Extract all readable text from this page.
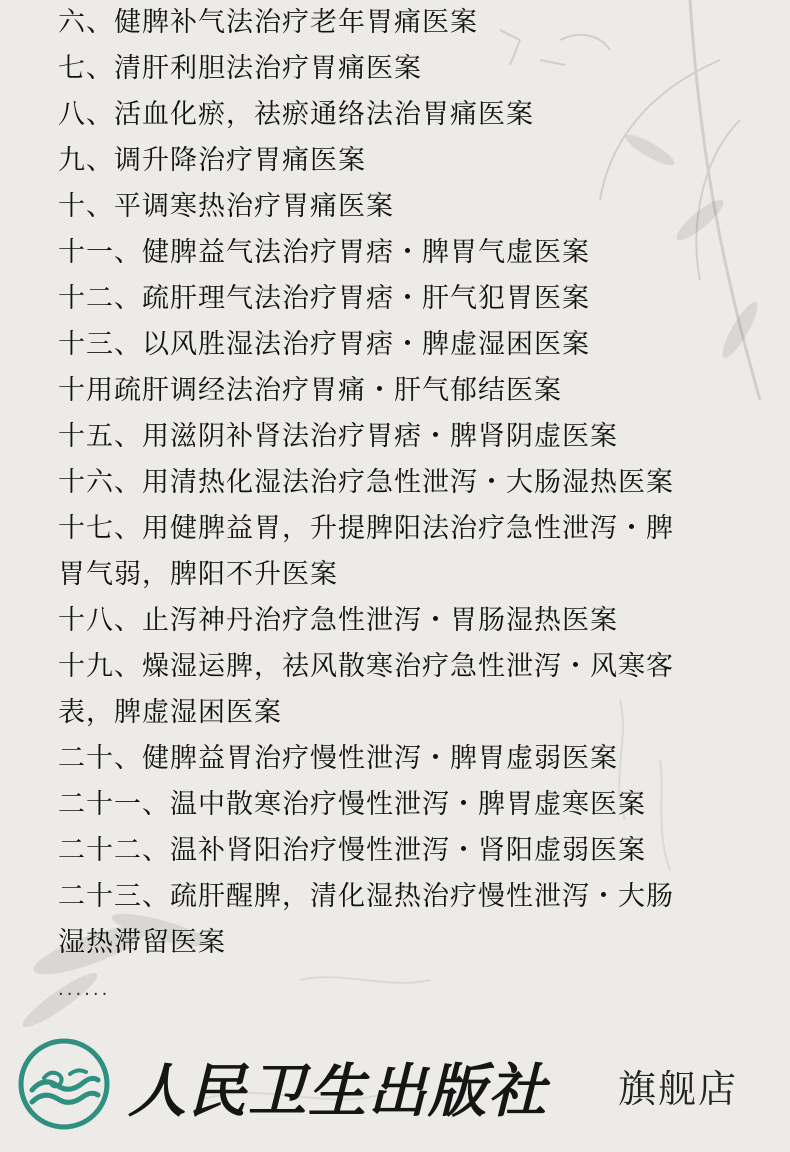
六、健脾补气法治疗老年胃痛医案
七、清肝利胆法治疗胃痛医案
八、活血化瘀，祛瘀通络法治胃痛医案
九、调升降治疗胃痛医案
十、平调寒热治疗胃痛医案
十一、健脾益气法治疗胃痞・脾胃气虚医案
十二、疏肝理气法治疗胃痞・肝气犯胃医案
十三、以风胜湿法治疗胃痞・脾虚湿困医案
十用疏肝调经法治疗胃痛・肝气郁结医案
十五、用滋阴补肾法治疗胃痞・脾肾阴虚医案
十六、用清热化湿法治疗急性泄泻・大肠湿热医案
十七、用健脾益胃，升提脾阳法治疗急性泄泻・脾
胃气弱，脾阳不升医案
十八、止泻神丹治疗急性泄泻・胃肠湿热医案
十九、燥湿运脾，祛风散寒治疗急性泄泻・风寒客
表，脾虚湿困医案
二十、健脾益胃治疗慢性泄泻・脾胃虚弱医案
二十一、温中散寒治疗慢性泄泻・脾胃虚寒医案
二十二、温补肾阳治疗慢性泄泻・肾阳虚弱医案
二十三、疏肝醒脾，清化湿热治疗慢性泄泻・大肠
湿热滞留医案
······
人民卫生出版社 旗舰店
